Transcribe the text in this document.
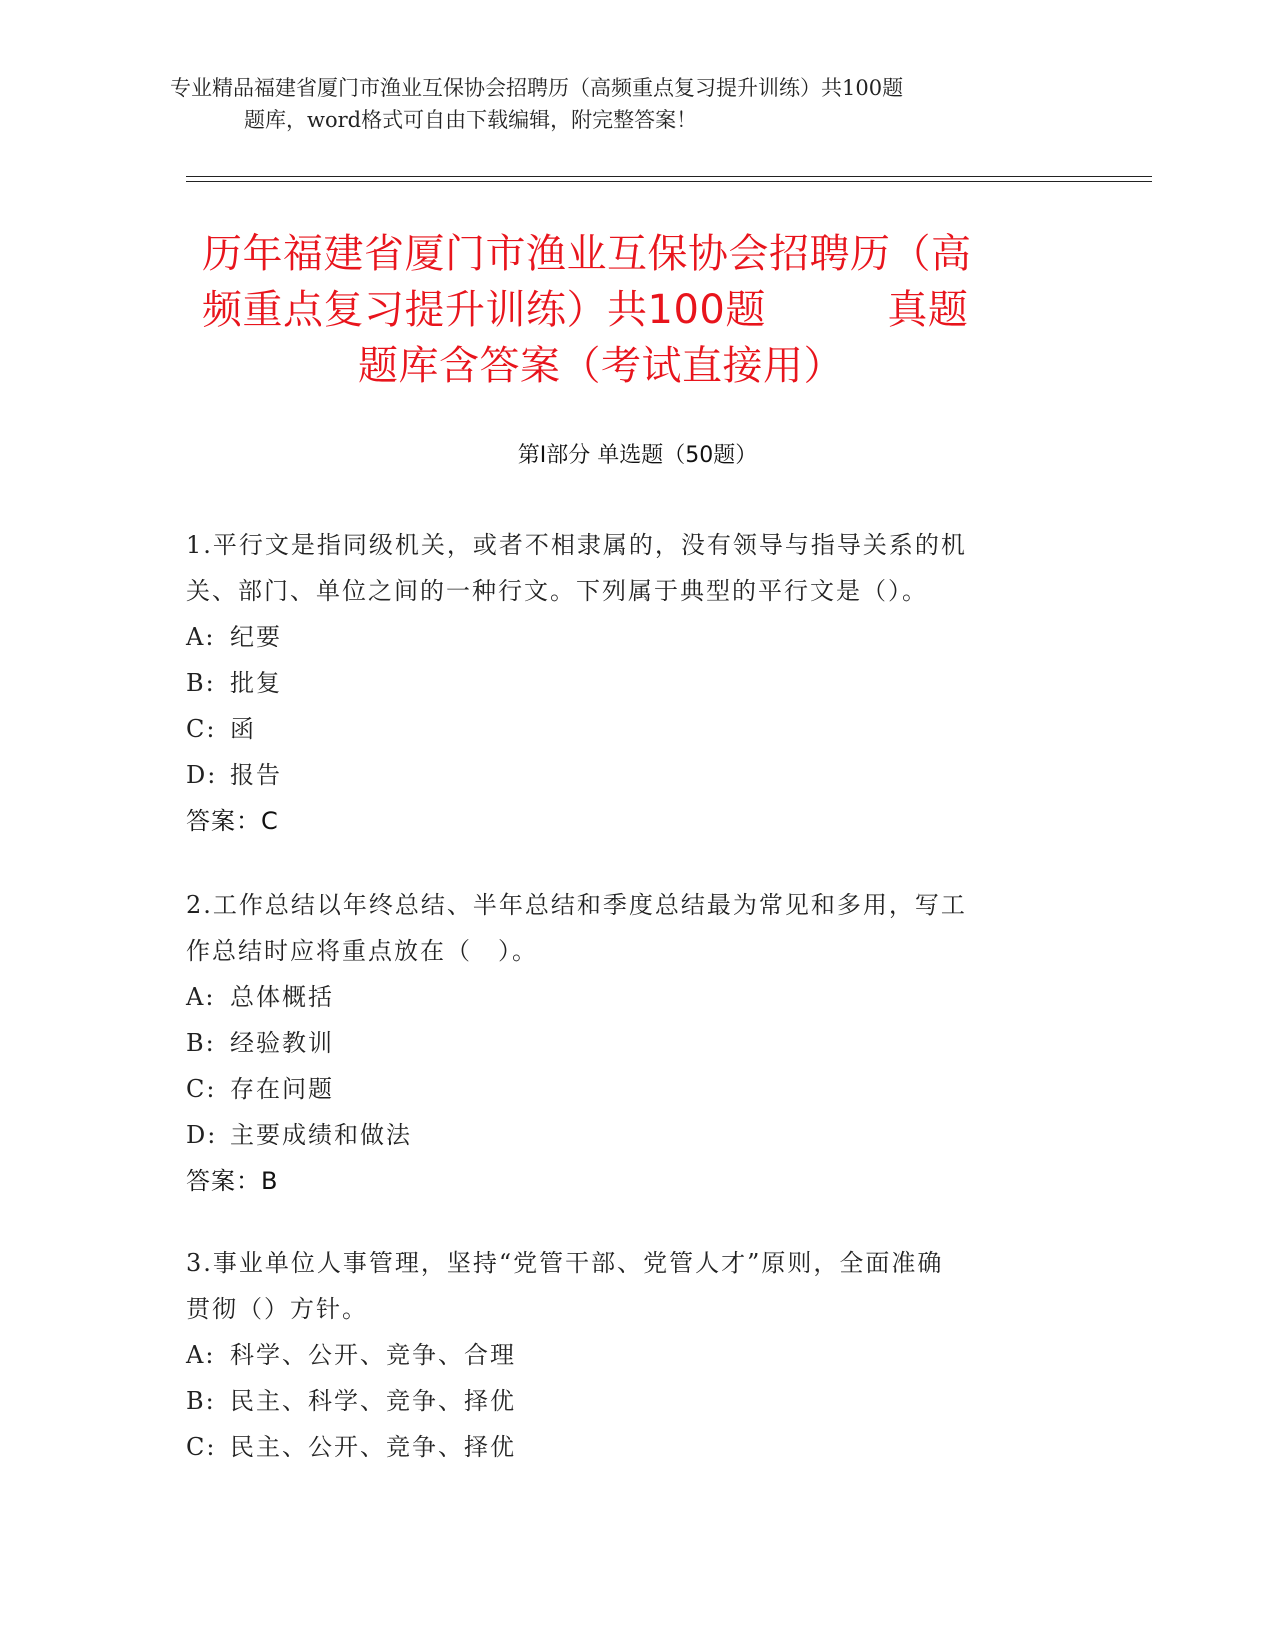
专业精品福建省厦门市渔业互保协会招聘历（高频重点复习提升训练）共100题
题库，word格式可自由下载编辑，附完整答案！
历年福建省厦门市渔业互保协会招聘历（高
频重点复习提升训练）共100题　　　真题
题库含答案（考试直接用）
第Ⅰ部分 单选题（50题）

1.平行文是指同级机关，或者不相隶属的，没有领导与指导关系的机

关、部门、单位之间的一种行文。下列属于典型的平行文是（）。

A: 纪要

B: 批复

C: 函

D: 报告

答案：C

2.工作总结以年终总结、半年总结和季度总结最为常见和多用，写工

作总结时应将重点放在（　）。

A: 总体概括

B: 经验教训

C: 存在问题

D: 主要成绩和做法

答案：B

3.事业单位人事管理，坚持“党管干部、党管人才”原则，全面准确

贯彻（）方针。

A: 科学、公开、竞争、合理

B: 民主、科学、竞争、择优

C: 民主、公开、竞争、择优
